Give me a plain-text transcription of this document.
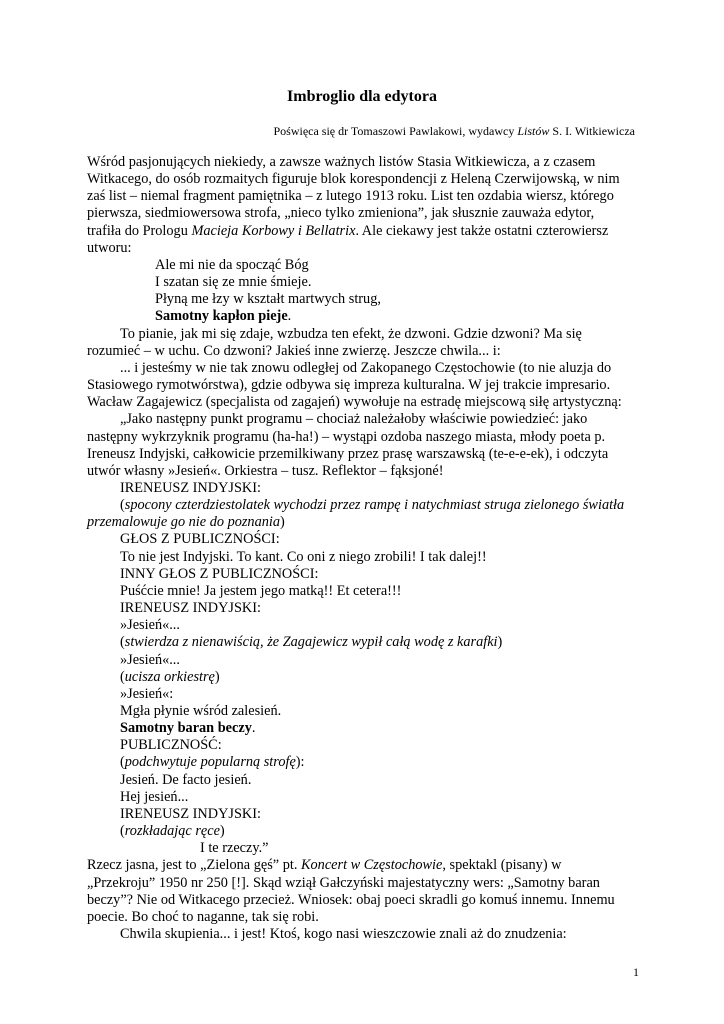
Imbroglio dla edytora
Poświęca się dr Tomaszowi Pawlakowi, wydawcy Listów S. I. Witkiewicza

Wśród pasjonujących niekiedy, a zawsze ważnych listów Stasia Witkiewicza, a z czasem

Witkacego, do osób rozmaitych figuruje blok korespondencji z Heleną Czerwijowską, w nim

zaś list – niemal fragment pamiętnika – z lutego 1913 roku. List ten ozdabia wiersz, którego

pierwsza, siedmiowersowa strofa, „nieco tylko zmieniona”, jak słusznie zauważa edytor,

trafiła do Prologu Macieja Korbowy i Bellatrix. Ale ciekawy jest także ostatni czterowiersz

utworu:

Ale mi nie da spocząć Bóg

I szatan się ze mnie śmieje.

Płyną me łzy w kształt martwych strug,

Samotny kapłon pieje.

To pianie, jak mi się zdaje, wzbudza ten efekt, że dzwoni. Gdzie dzwoni? Ma się

rozumieć – w uchu. Co dzwoni? Jakieś inne zwierzę. Jeszcze chwila... i:

... i jesteśmy w nie tak znowu odległej od Zakopanego Częstochowie (to nie aluzja do

Stasiowego rymotwórstwa), gdzie odbywa się impreza kulturalna. W jej trakcie impresario.

Wacław Zagajewicz (specjalista od zagajeń) wywołuje na estradę miejscową siłę artystyczną:

„Jako następny punkt programu – chociaż należałoby właściwie powiedzieć: jako

następny wykrzyknik programu (ha-ha!) – wystąpi ozdoba naszego miasta, młody poeta p.

Ireneusz Indyjski, całkowicie przemilkiwany przez prasę warszawską (te-e-e-ek), i odczyta

utwór własny »Jesień«. Orkiestra – tusz. Reflektor – fąksjoné!

IRENEUSZ INDYJSKI:

(spocony czterdziestolatek wychodzi przez rampę i natychmiast struga zielonego światła

przemalowuje go nie do poznania)

GŁOS Z PUBLICZNOŚCI:

To nie jest Indyjski. To kant. Co oni z niego zrobili! I tak dalej!!

INNY GŁOS Z PUBLICZNOŚCI:

Puśćcie mnie! Ja jestem jego matką!! Et cetera!!!

IRENEUSZ INDYJSKI:

»Jesień«...

(stwierdza z nienawiścią, że Zagajewicz wypił całą wodę z karafki)

»Jesień«...

(ucisza orkiestrę)

»Jesień«:

Mgła płynie wśród zalesień.

Samotny baran beczy.

PUBLICZNOŚĆ:

(podchwytuje popularną strofę):

Jesień. De facto jesień.

Hej jesień...

IRENEUSZ INDYJSKI:

(rozkładając ręce)

I te rzeczy.”

Rzecz jasna, jest to „Zielona gęś” pt. Koncert w Częstochowie, spektakl (pisany) w

„Przekroju” 1950 nr 250 [!]. Skąd wziął Gałczyński majestatyczny wers: „Samotny baran

beczy”? Nie od Witkacego przecież. Wniosek: obaj poeci skradli go komuś innemu. Innemu

poecie. Bo choć to naganne, tak się robi.

Chwila skupienia... i jest! Ktoś, kogo nasi wieszczowie znali aż do znudzenia:

1
